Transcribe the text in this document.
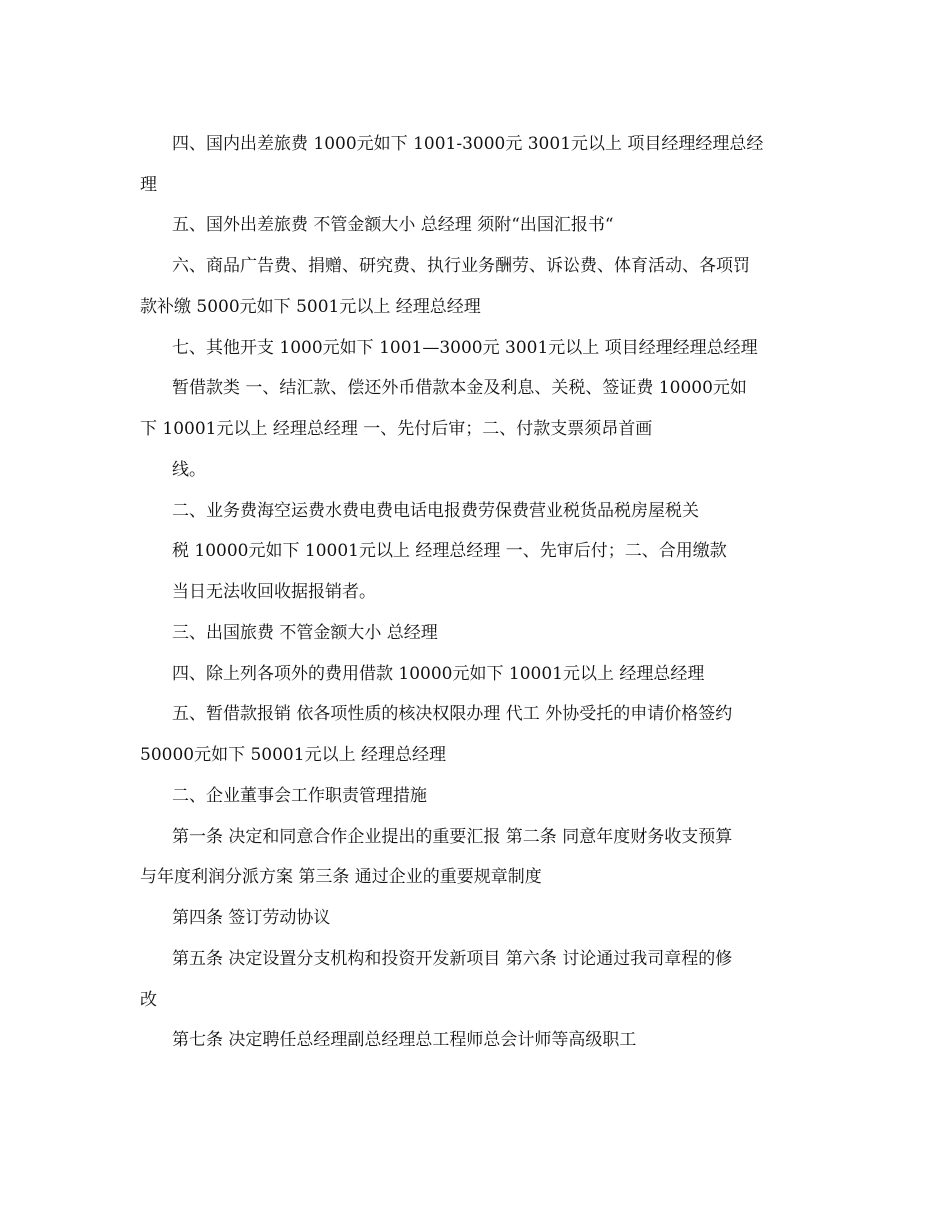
四、国内出差旅费 1000元如下 1001-3000元 3001元以上 项目经理经理总经
理
五、国外出差旅费 不管金额大小 总经理 须附“出国汇报书“
六、商品广告费、捐赠、研究费、执行业务酬劳、诉讼费、体育活动、各项罚
款补缴 5000元如下 5001元以上 经理总经理
七、其他开支 1000元如下 1001—3000元 3001元以上 项目经理经理总经理
暂借款类 一、结汇款、偿还外币借款本金及利息、关税、签证费 10000元如
下 10001元以上 经理总经理 一、先付后审；二、付款支票须昂首画
线。
二、业务费海空运费水费电费电话电报费劳保费营业税货品税房屋税关
税 10000元如下 10001元以上 经理总经理 一、先审后付；二、合用缴款
当日无法收回收据报销者。
三、出国旅费 不管金额大小 总经理
四、除上列各项外的费用借款 10000元如下 10001元以上 经理总经理
五、暂借款报销 依各项性质的核决权限办理 代工 外协受托的申请价格签约
50000元如下 50001元以上 经理总经理
二、企业董事会工作职责管理措施
第一条 决定和同意合作企业提出的重要汇报 第二条 同意年度财务收支预算
与年度利润分派方案 第三条 通过企业的重要规章制度
第四条 签订劳动协议
第五条 决定设置分支机构和投资开发新项目 第六条 讨论通过我司章程的修
改
第七条 决定聘任总经理副总经理总工程师总会计师等高级职工
